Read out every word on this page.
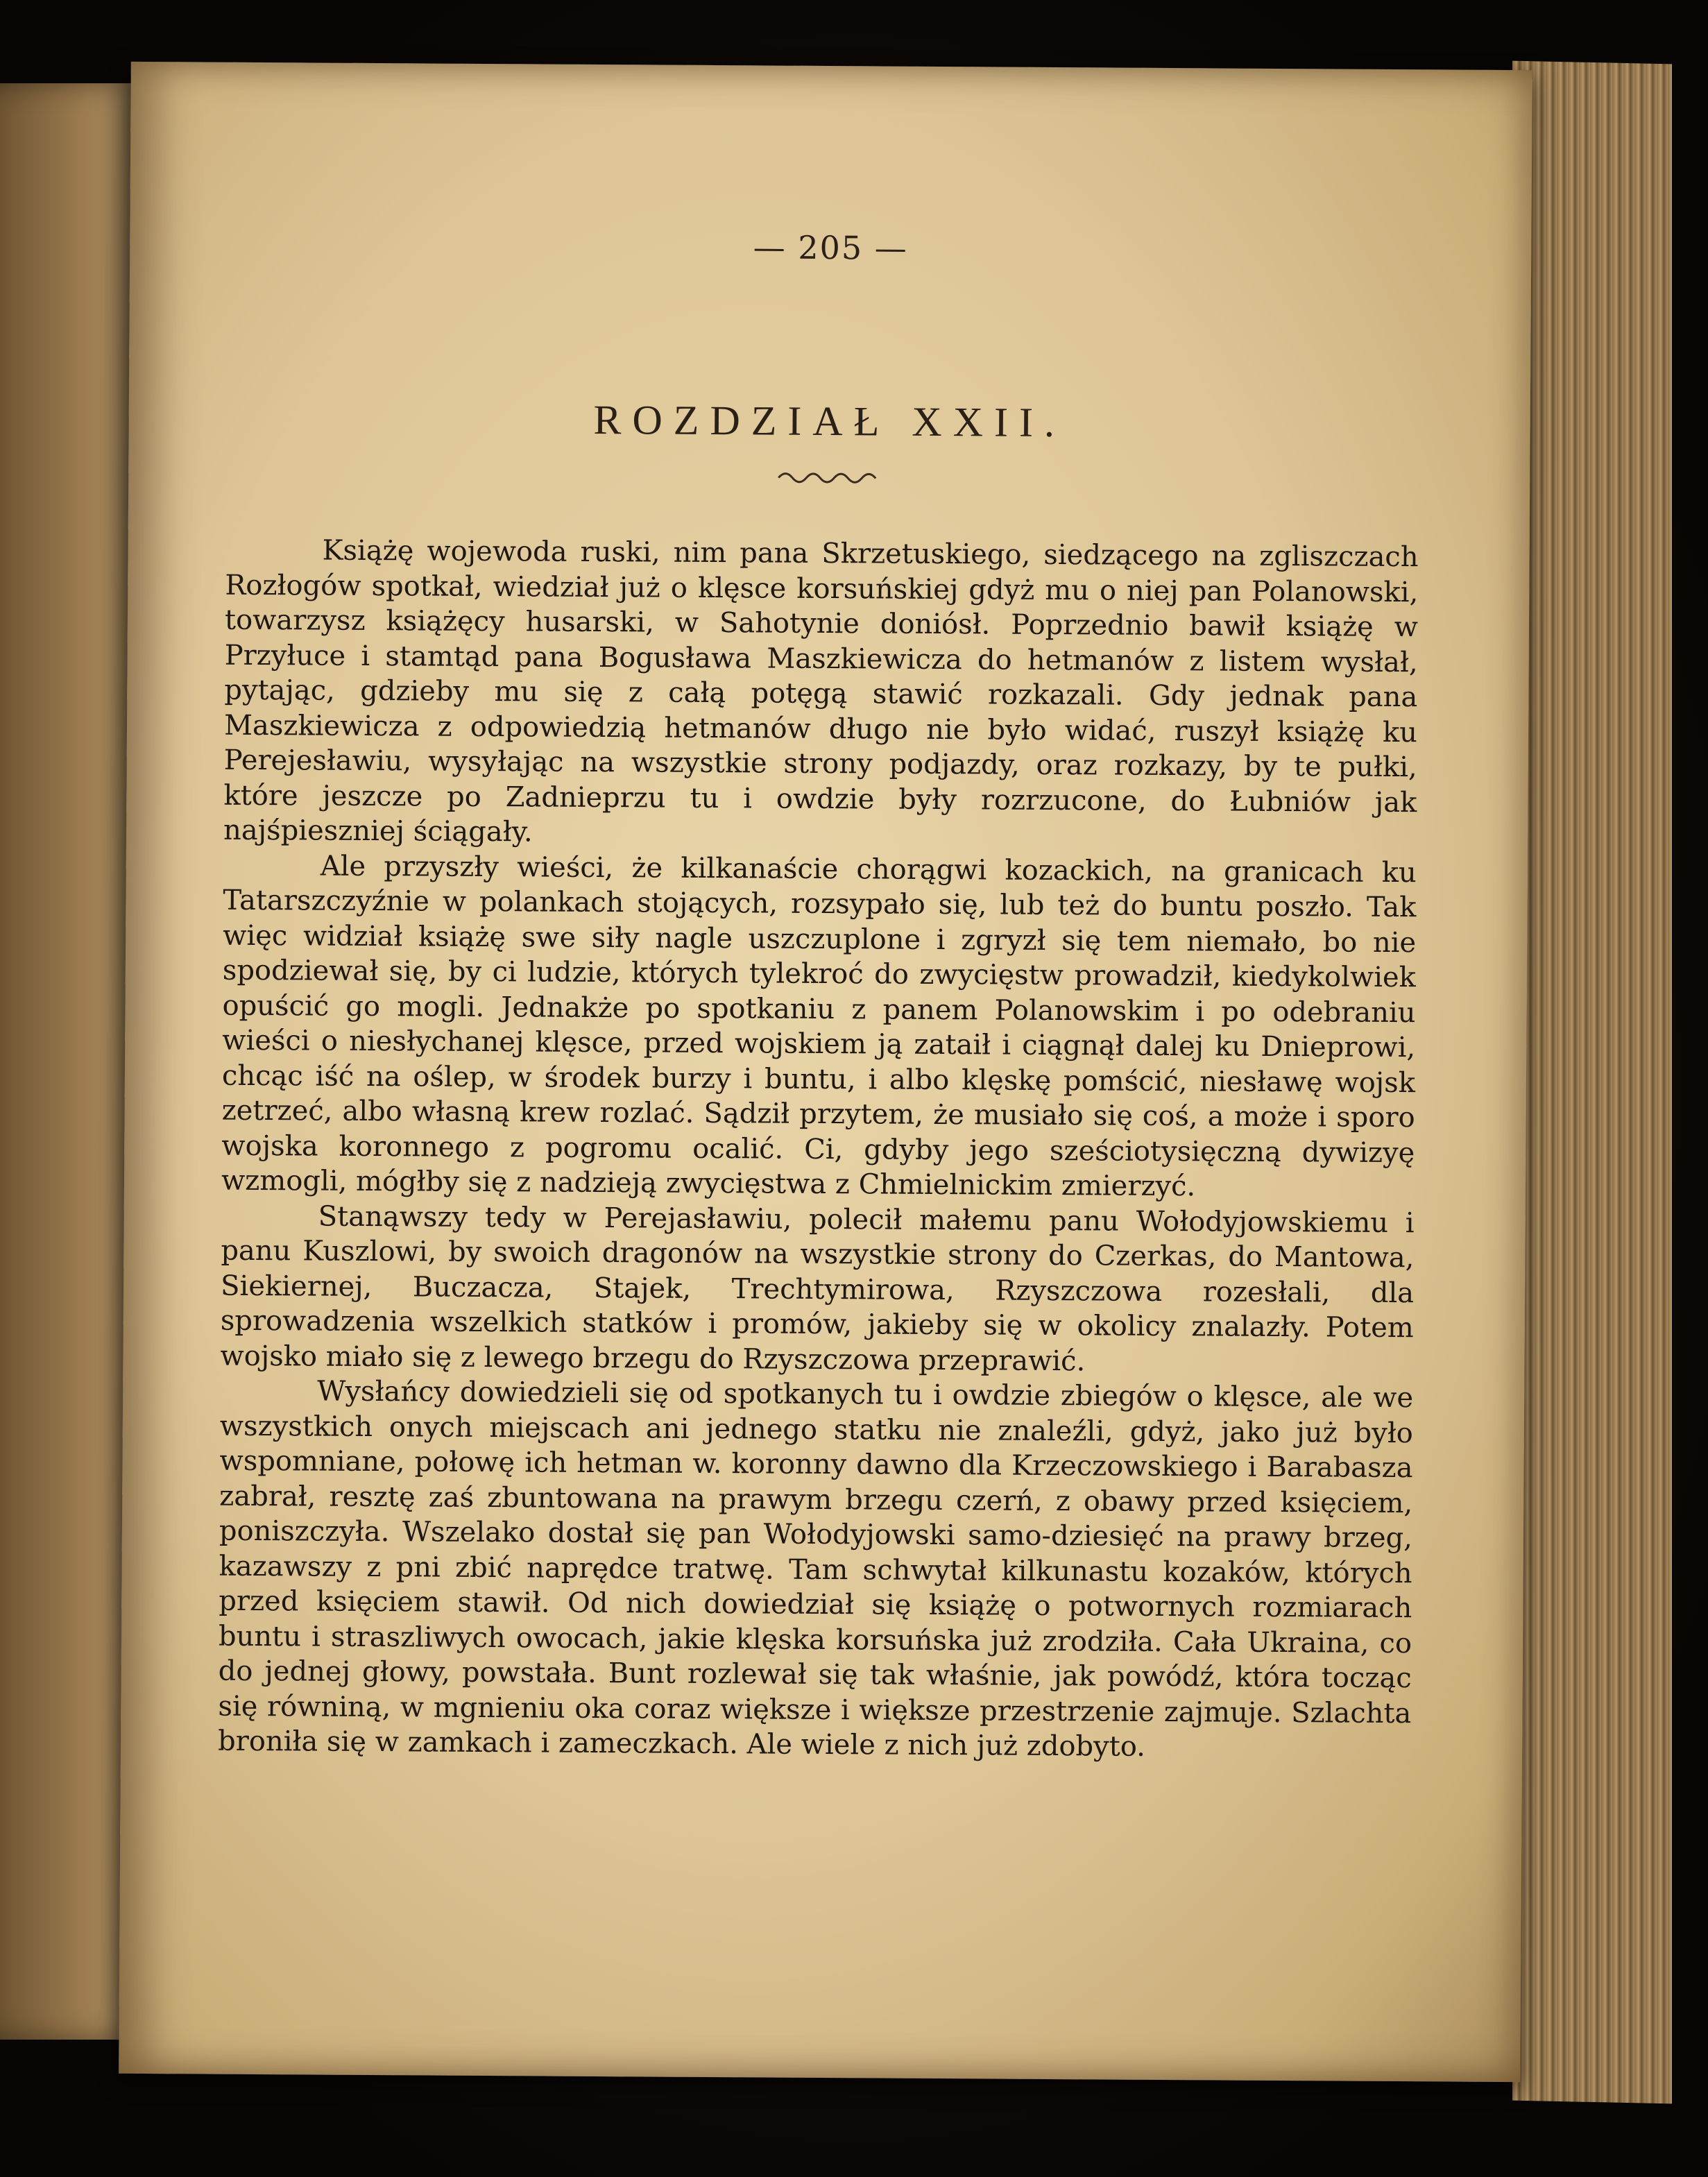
— 205 —
ROZDZIAŁ XXII.

Książę wojewoda ruski, nim pana Skrzetuskiego, siedzącego na zgliszczach Rozłogów spotkał, wiedział już o klęsce korsuńskiej gdyż mu o niej pan Polanowski, towarzysz książęcy husarski, w Sahotynie doniósł. Poprzednio bawił książę w Przyłuce i stamtąd pana Bogusława Maszkiewicza do hetmanów z listem wysłał, pytając, gdzieby mu się z całą potęgą stawić rozkazali. Gdy jednak pana Maszkiewicza z odpowiedzią hetmanów długo nie było widać, ruszył książę ku Perejesławiu, wysyłając na wszystkie strony podjazdy, oraz rozkazy, by te pułki, które jeszcze po Zadnieprzu tu i owdzie były rozrzucone, do Łubniów jak najśpieszniej ściągały.

Ale przyszły wieści, że kilkanaście chorągwi kozackich, na granicach ku Tatarszczyźnie w polankach stojących, rozsypało się, lub też do buntu poszło. Tak więc widział książę swe siły nagle uszczuplone i zgryzł się tem niemało, bo nie spodziewał się, by ci ludzie, których tylekroć do zwycięstw prowadził, kiedykolwiek opuścić go mogli. Jednakże po spotkaniu z panem Polanowskim i po odebraniu wieści o niesłychanej klęsce, przed wojskiem ją zataił i ciągnął dalej ku Dnieprowi, chcąc iść na oślep, w środek burzy i buntu, i albo klęskę pomścić, niesławę wojsk zetrzeć, albo własną krew rozlać. Sądził przytem, że musiało się coś, a może i sporo wojska koronnego z pogromu ocalić. Ci, gdyby jego sześciotysięczną dywizyę wzmogli, mógłby się z nadzieją zwycięstwa z Chmielnickim zmierzyć.

Stanąwszy tedy w Perejasławiu, polecił małemu panu Wołodyjowskiemu i panu Kuszlowi, by swoich dragonów na wszystkie strony do Czerkas, do Mantowa, Siekiernej, Buczacza, Stajek, Trechtymirowa, Rzyszczowa rozesłali, dla sprowadzenia wszelkich statków i promów, jakieby się w okolicy znalazły. Potem wojsko miało się z lewego brzegu do Rzyszczowa przeprawić.

Wysłańcy dowiedzieli się od spotkanych tu i owdzie zbiegów o klęsce, ale we wszystkich onych miejscach ani jednego statku nie znaleźli, gdyż, jako już było wspomniane, połowę ich hetman w. koronny dawno dla Krzeczowskiego i Barabasza zabrał, resztę zaś zbuntowana na prawym brzegu czerń, z obawy przed księciem, poniszczyła. Wszelako dostał się pan Wołodyjowski samo-dziesięć na prawy brzeg, kazawszy z pni zbić naprędce tratwę. Tam schwytał kilkunastu kozaków, których przed księciem stawił. Od nich dowiedział się książę o potwornych rozmiarach buntu i straszliwych owocach, jakie klęska korsuńska już zrodziła. Cała Ukraina, co do jednej głowy, powstała. Bunt rozlewał się tak właśnie, jak powódź, która tocząc się równiną, w mgnieniu oka coraz większe i większe przestrzenie zajmuje. Szlachta broniła się w zamkach i zameczkach. Ale wiele z nich już zdobyto.
